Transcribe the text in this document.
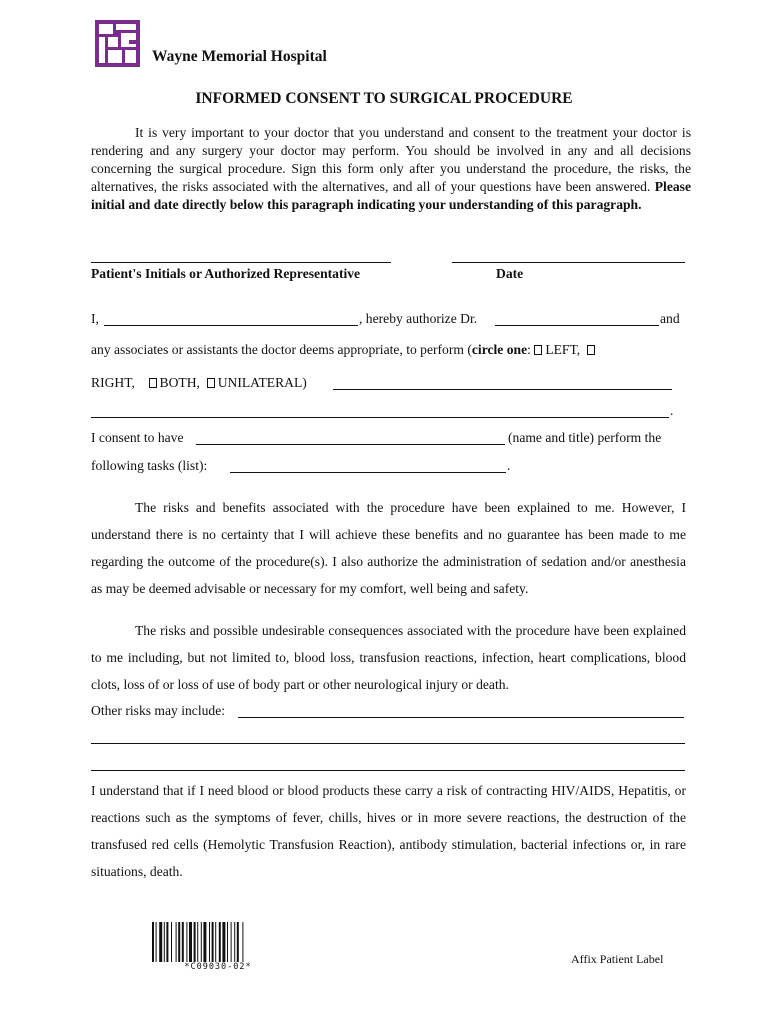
Wayne Memorial Hospital
INFORMED CONSENT TO SURGICAL PROCEDURE

It is very important to your doctor that you understand and consent to the treatment your doctor is rendering and any surgery your doctor may perform. You should be involved in any and all decisions concerning the surgical procedure. Sign this form only after you understand the procedure, the risks, the alternatives, the risks associated with the alternatives, and all of your questions have been answered. Please initial and date directly below this paragraph indicating your understanding of this paragraph.

Patient's Initials or Authorized Representative	Date
I,	, hereby authorize Dr.	and
any associates or assistants the doctor deems appropriate, to perform (circle one: LEFT,
RIGHT, BOTH, UNILATERAL)
.
I consent to have	(name and title) perform the
following tasks (list):	.

The risks and benefits associated with the procedure have been explained to me. However, I understand there is no certainty that I will achieve these benefits and no guarantee has been made to me regarding the outcome of the procedure(s). I also authorize the administration of sedation and/or anesthesia as may be deemed advisable or necessary for my comfort, well being and safety.

The risks and possible undesirable consequences associated with the procedure have been explained to me including, but not limited to, blood loss, transfusion reactions, infection, heart complications, blood clots, loss of or loss of use of body part or other neurological injury or death.

Other risks may include:

I understand that if I need blood or blood products these carry a risk of contracting HIV/AIDS, Hepatitis, or reactions such as the symptoms of fever, chills, hives or in more severe reactions, the destruction of the transfused red cells (Hemolytic Transfusion Reaction), antibody stimulation, bacterial infections or, in rare situations, death.

*C09030-02*
Affix Patient Label
